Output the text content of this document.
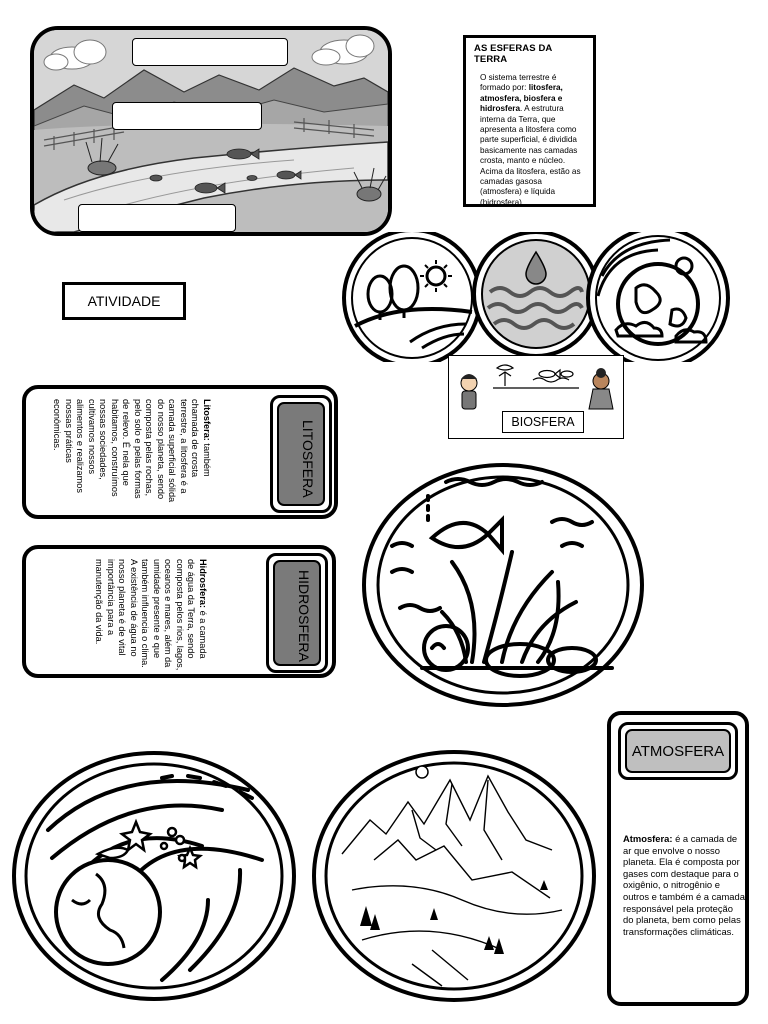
AS ESFERAS DA TERRA
O sistema terrestre é formado por: litosfera, atmosfera, biosfera e hidrosfera. A estrutura interna da Terra, que apresenta a litosfera como parte superficial, é dividida basicamente nas camadas crosta, manto e núcleo. Acima da litosfera, estão as camadas gasosa (atmosfera) e líquida (hidrosfera).
ATIVIDADE
BIOSFERA
LITOSFERA
Litosfera: também chamada de crosta terrestre, a litosfera é a camada superficial sólida do nosso planeta, sendo composta pelas rochas, pelo solo e pelas formas de relevo. É nela que habitamos, construímos nossas sociedades, cultivamos nossos alimentos e realizamos nossas práticas econômicas.
HIDROSFERA
Hidrosfera: é a camada de água da Terra, sendo composta pelos rios, lagos, oceanos e mares, além da umidade presente e que também influencia o clima. A existência de água no nosso planeta é de vital importância para a manutenção da vida.
ATMOSFERA
Atmosfera: é a camada de ar que envolve o nosso planeta. Ela é composta por gases com destaque para o oxigênio, o nitrogênio e outros e também é a camada responsável pela proteção do planeta, bem como pelas transformações climáticas.
